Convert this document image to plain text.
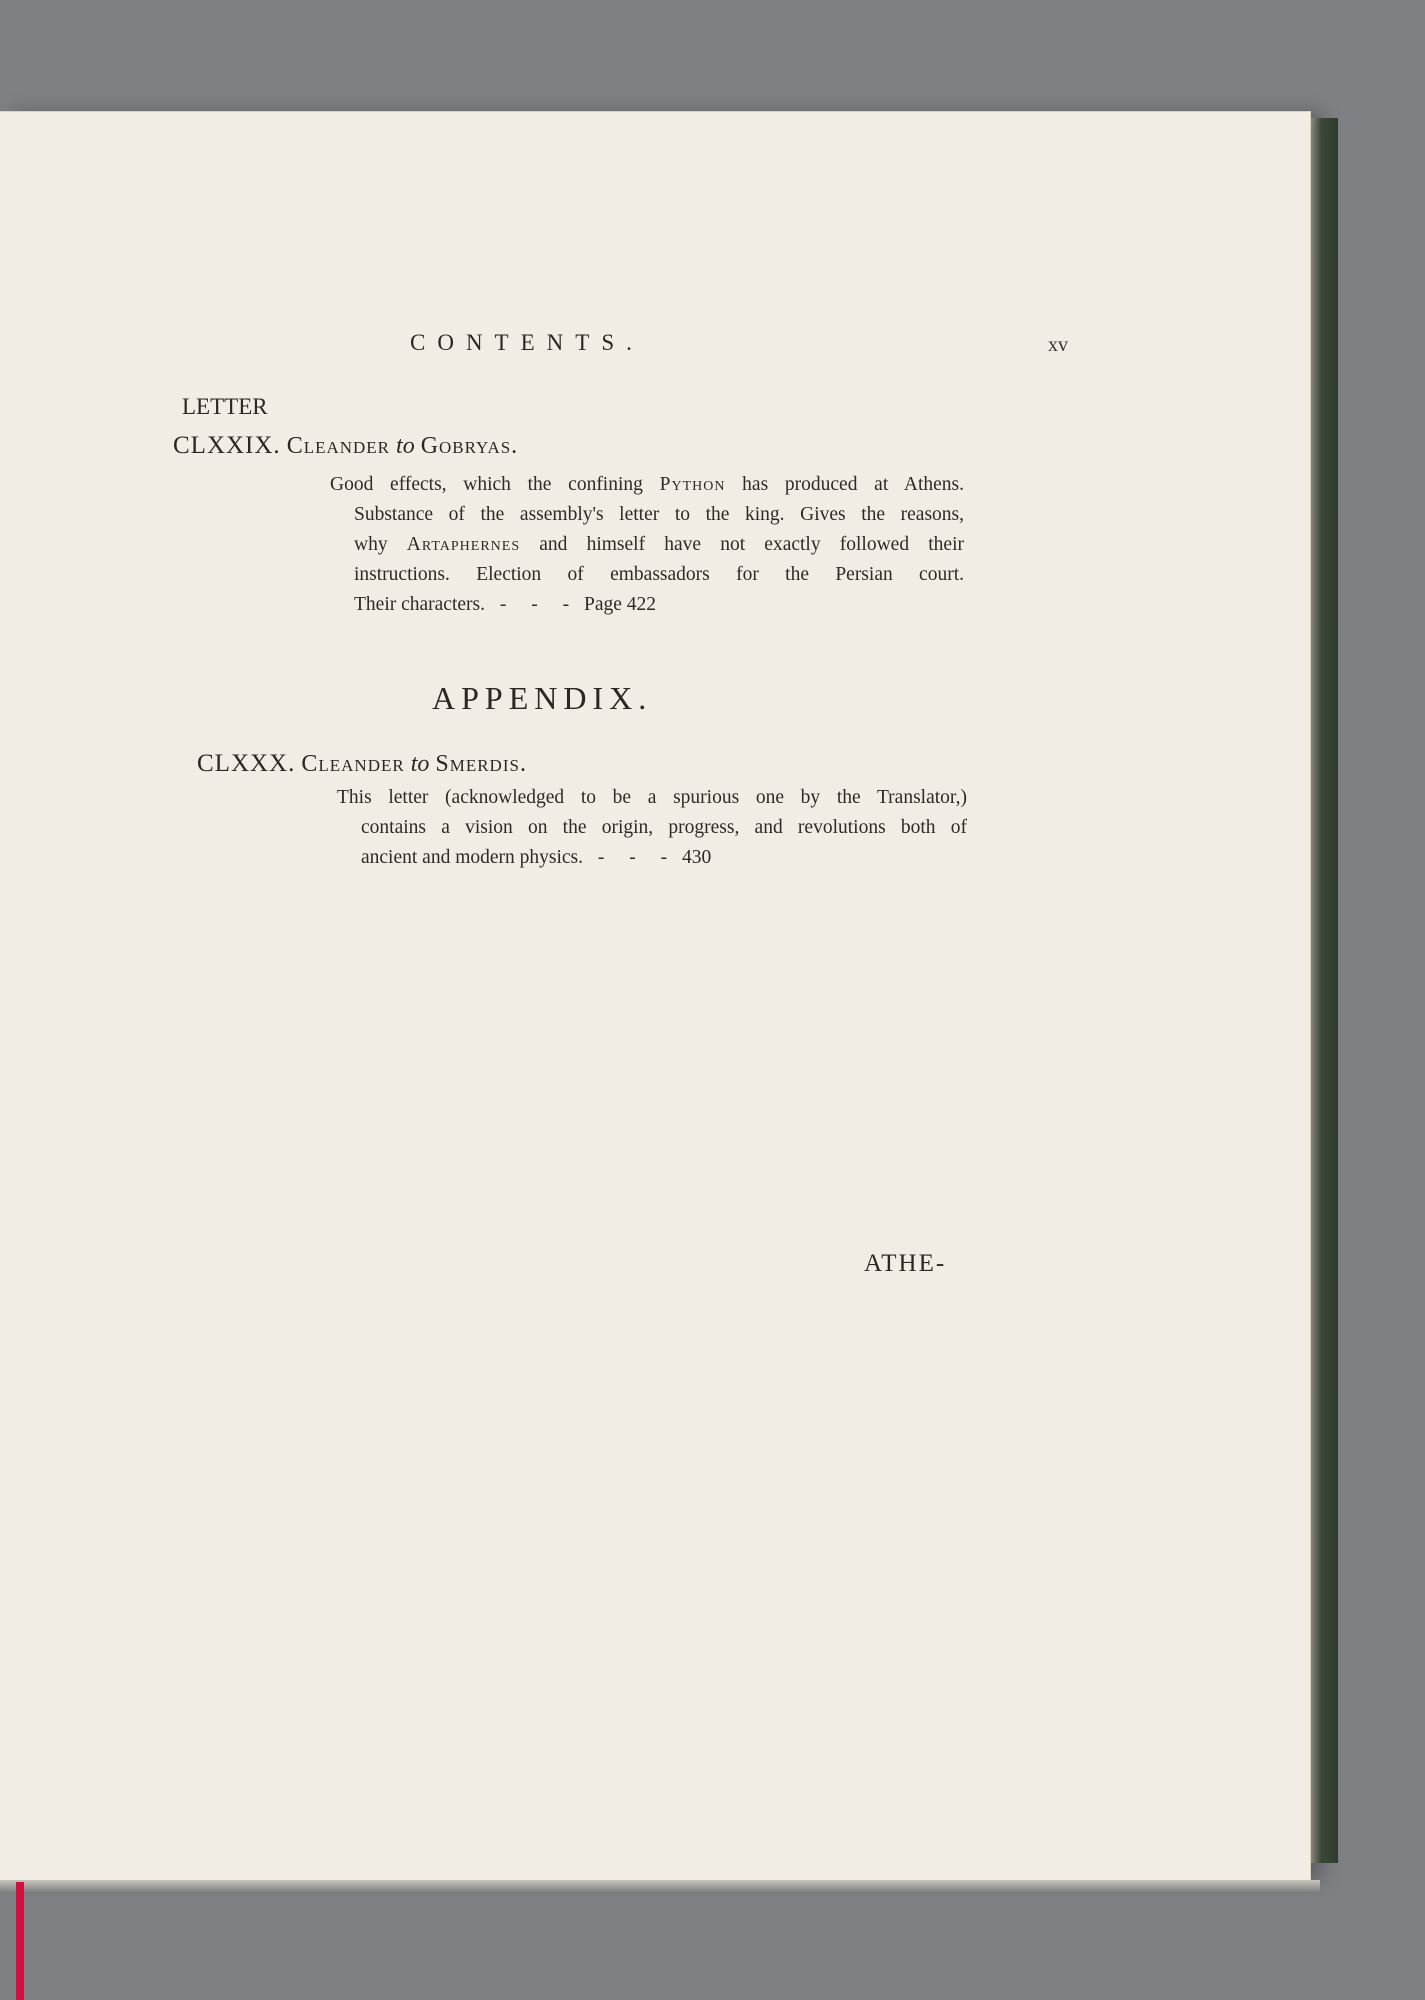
CONTENTS.	xv
LETTER
CLXXIX. Cleander to Gobryas.
Good effects, which the confining Python has produced at Athens.
Substance of the assembly's letter to the king. Gives the reasons,
why Artaphernes and himself have not exactly followed their
instructions. Election of embassadors for the Persian court.
Their characters. - - - Page 422
APPENDIX.
CLXXX. Cleander to Smerdis.
This letter (acknowledged to be a spurious one by the Translator,)
contains a vision on the origin, progress, and revolutions both of
ancient and modern physics. - - - 430
ATHE-
